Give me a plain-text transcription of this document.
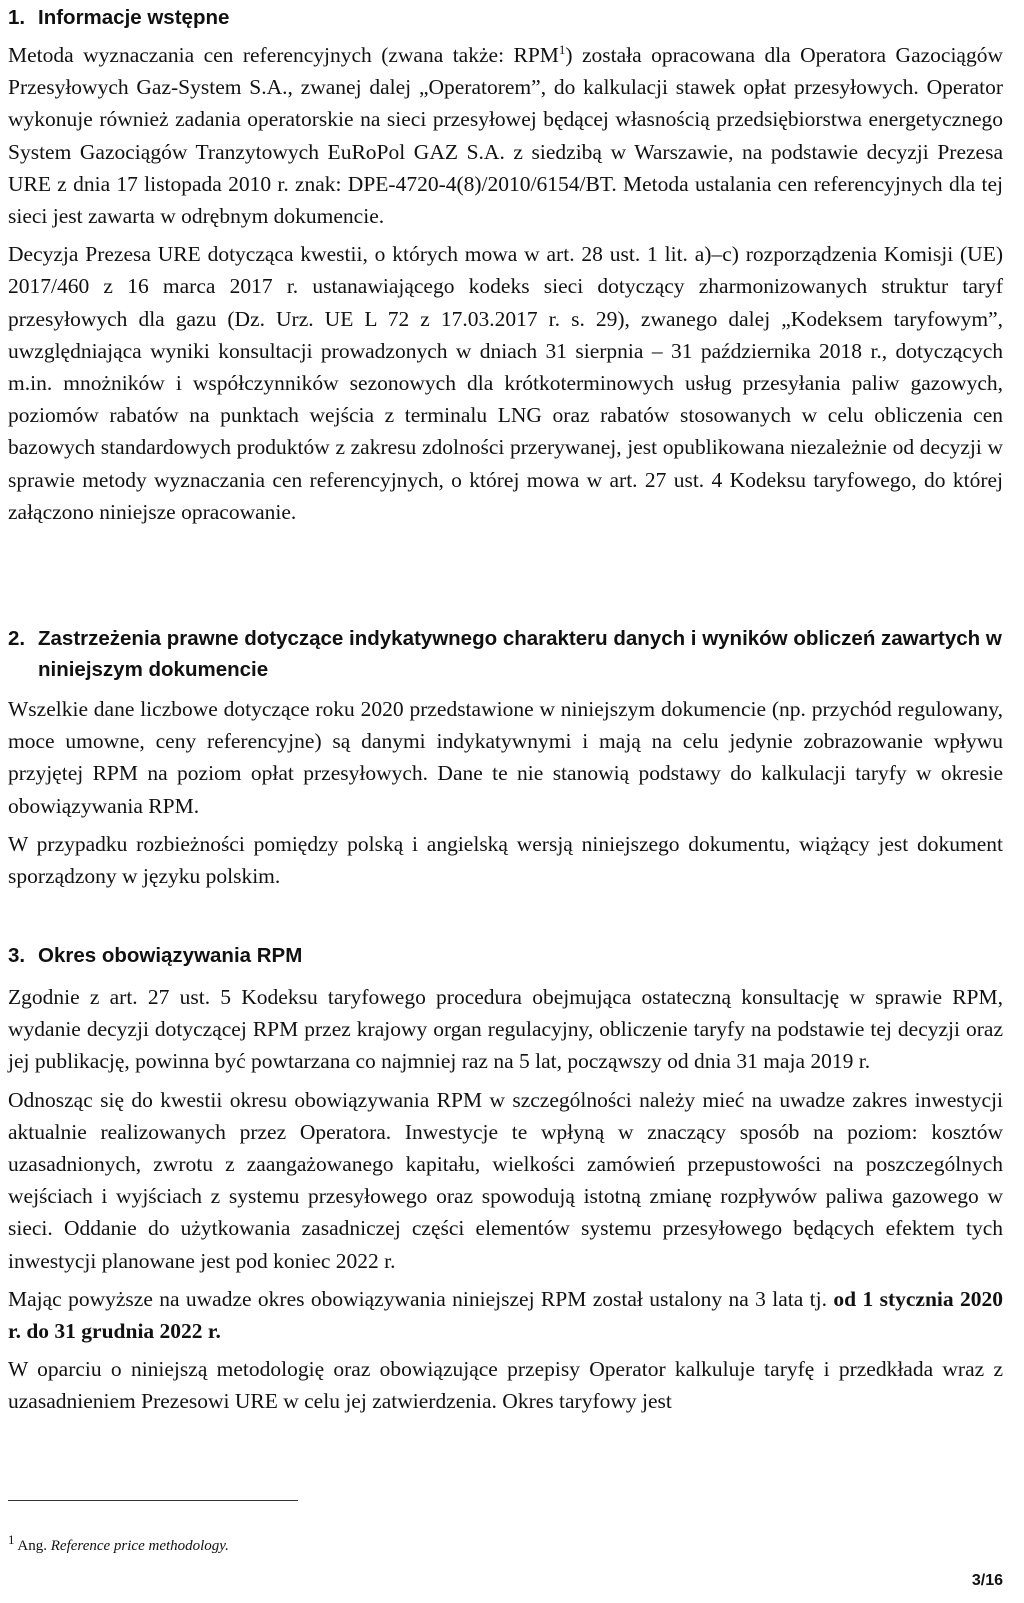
1. Informacje wstępne

Metoda wyznaczania cen referencyjnych (zwana także: RPM$^1$) została opracowana dla Operatora Gazociągów Przesyłowych Gaz-System S.A., zwanej dalej „Operatorem”, do kalkulacji stawek opłat przesyłowych. Operator wykonuje również zadania operatorskie na sieci przesyłowej będącej własnością przedsiębiorstwa energetycznego System Gazociągów Tranzytowych EuRoPol GAZ S.A. z siedzibą w Warszawie, na podstawie decyzji Prezesa URE z dnia 17 listopada 2010 r. znak: DPE-4720-4(8)/2010/6154/BT. Metoda ustalania cen referencyjnych dla tej sieci jest zawarta w odrębnym dokumencie.

Decyzja Prezesa URE dotycząca kwestii, o których mowa w art. 28 ust. 1 lit. a)–c) rozporządzenia Komisji (UE) 2017/460 z 16 marca 2017 r. ustanawiającego kodeks sieci dotyczący zharmonizowanych struktur taryf przesyłowych dla gazu (Dz. Urz. UE L 72 z 17.03.2017 r. s. 29), zwanego dalej „Kodeksem taryfowym”, uwzględniająca wyniki konsultacji prowadzonych w dniach 31 sierpnia – 31 października 2018 r., dotyczących m.in. mnożników i współczynników sezonowych dla krótkoterminowych usług przesyłania paliw gazowych, poziomów rabatów na punktach wejścia z terminalu LNG oraz rabatów stosowanych w celu obliczenia cen bazowych standardowych produktów z zakresu zdolności przerywanej, jest opublikowana niezależnie od decyzji w sprawie metody wyznaczania cen referencyjnych, o której mowa w art. 27 ust. 4 Kodeksu taryfowego, do której załączono niniejsze opracowanie.

2. Zastrzeżenia prawne dotyczące indykatywnego charakteru danych i wyników obliczeń zawartych w niniejszym dokumencie

Wszelkie dane liczbowe dotyczące roku 2020 przedstawione w niniejszym dokumencie (np. przychód regulowany, moce umowne, ceny referencyjne) są danymi indykatywnymi i mają na celu jedynie zobrazowanie wpływu przyjętej RPM na poziom opłat przesyłowych. Dane te nie stanowią podstawy do kalkulacji taryfy w okresie obowiązywania RPM.

W przypadku rozbieżności pomiędzy polską i angielską wersją niniejszego dokumentu, wiążący jest dokument sporządzony w języku polskim.

3. Okres obowiązywania RPM

Zgodnie z art. 27 ust. 5 Kodeksu taryfowego procedura obejmująca ostateczną konsultację w sprawie RPM, wydanie decyzji dotyczącej RPM przez krajowy organ regulacyjny, obliczenie taryfy na podstawie tej decyzji oraz jej publikację, powinna być powtarzana co najmniej raz na 5 lat, począwszy od dnia 31 maja 2019 r.

Odnosząc się do kwestii okresu obowiązywania RPM w szczególności należy mieć na uwadze zakres inwestycji aktualnie realizowanych przez Operatora. Inwestycje te wpłyną w znaczący sposób na poziom: kosztów uzasadnionych, zwrotu z zaangażowanego kapitału, wielkości zamówień przepustowości na poszczególnych wejściach i wyjściach z systemu przesyłowego oraz spowodują istotną zmianę rozpływów paliwa gazowego w sieci. Oddanie do użytkowania zasadniczej części elementów systemu przesyłowego będących efektem tych inwestycji planowane jest pod koniec 2022 r.

Mając powyższe na uwadze okres obowiązywania niniejszej RPM został ustalony na 3 lata tj. od 1 stycznia 2020 r. do 31 grudnia 2022 r.

W oparciu o niniejszą metodologię oraz obowiązujące przepisy Operator kalkuluje taryfę i przedkłada wraz z uzasadnieniem Prezesowi URE w celu jej zatwierdzenia. Okres taryfowy jest

1 Ang. Reference price methodology.
3/16
